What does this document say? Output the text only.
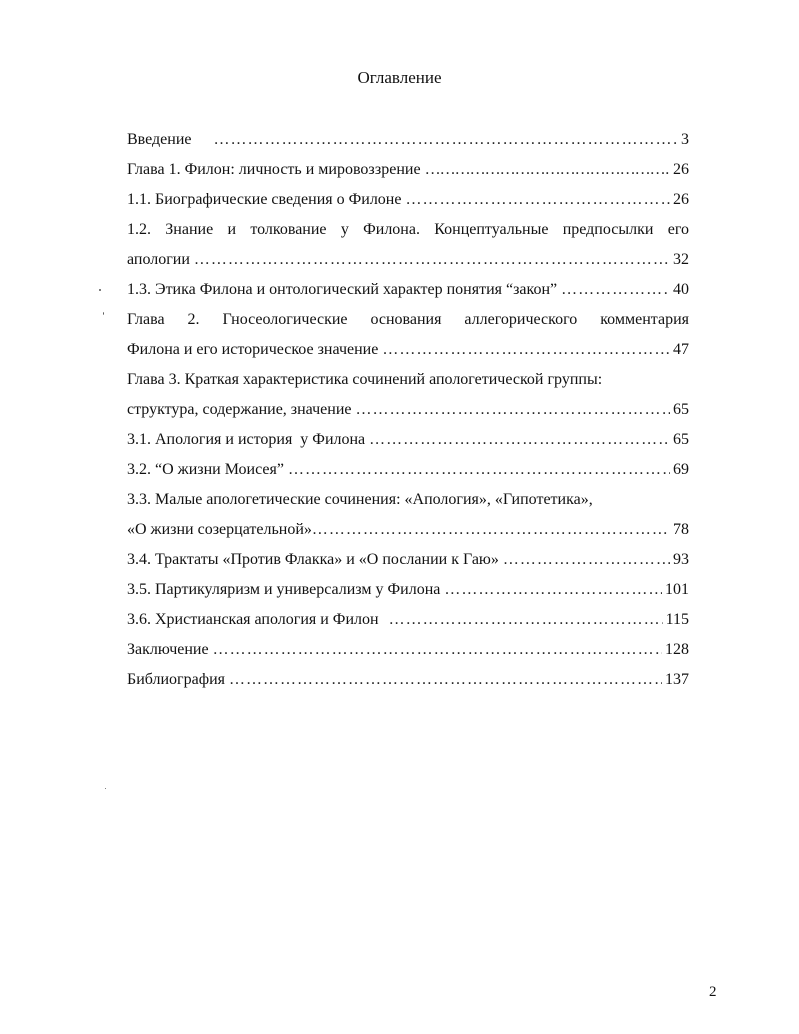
Оглавление
Введение …………………………………………………………………………………………………………………………………………	3
Глава 1. Филон: личность и мировоззрение …………………………………………………………………………………………………………………………………………	26
1.1. Биографические сведения о Филоне …………………………………………………………………………………………………………………………………………	26
1.2. Знание и толкование у Филона. Концептуальные предпосылки его
апологии …………………………………………………………………………………………………………………………………………	32
1.3. Этика Филона и онтологический характер понятия “закон” …………………………………………………………………………………………………………………………………………	40
Глава 2. Гносеологические основания аллегорического комментария
Филона и его историческое значение …………………………………………………………………………………………………………………………………………	47
Глава 3. Краткая характеристика сочинений апологетической группы:
структура, содержание, значение …………………………………………………………………………………………………………………………………………	65
3.1. Апология и история  у Филона …………………………………………………………………………………………………………………………………………	65
3.2. “О жизни Моисея” …………………………………………………………………………………………………………………………………………	69
3.3. Малые апологетические сочинения: «Апология», «Гипотетика»,
«О жизни созерцательной» …………………………………………………………………………………………………………………………………………	78
3.4. Трактаты «Против Флакка» и «О послании к Гаю» …………………………………………………………………………………………………………………………………………	93
3.5. Партикуляризм и универсализм у Филона …………………………………………………………………………………………………………………………………………	101
3.6. Христианская апология и Филон …………………………………………………………………………………………………………………………………………	115
Заключение …………………………………………………………………………………………………………………………………………	128
Библиография …………………………………………………………………………………………………………………………………………	137
2
